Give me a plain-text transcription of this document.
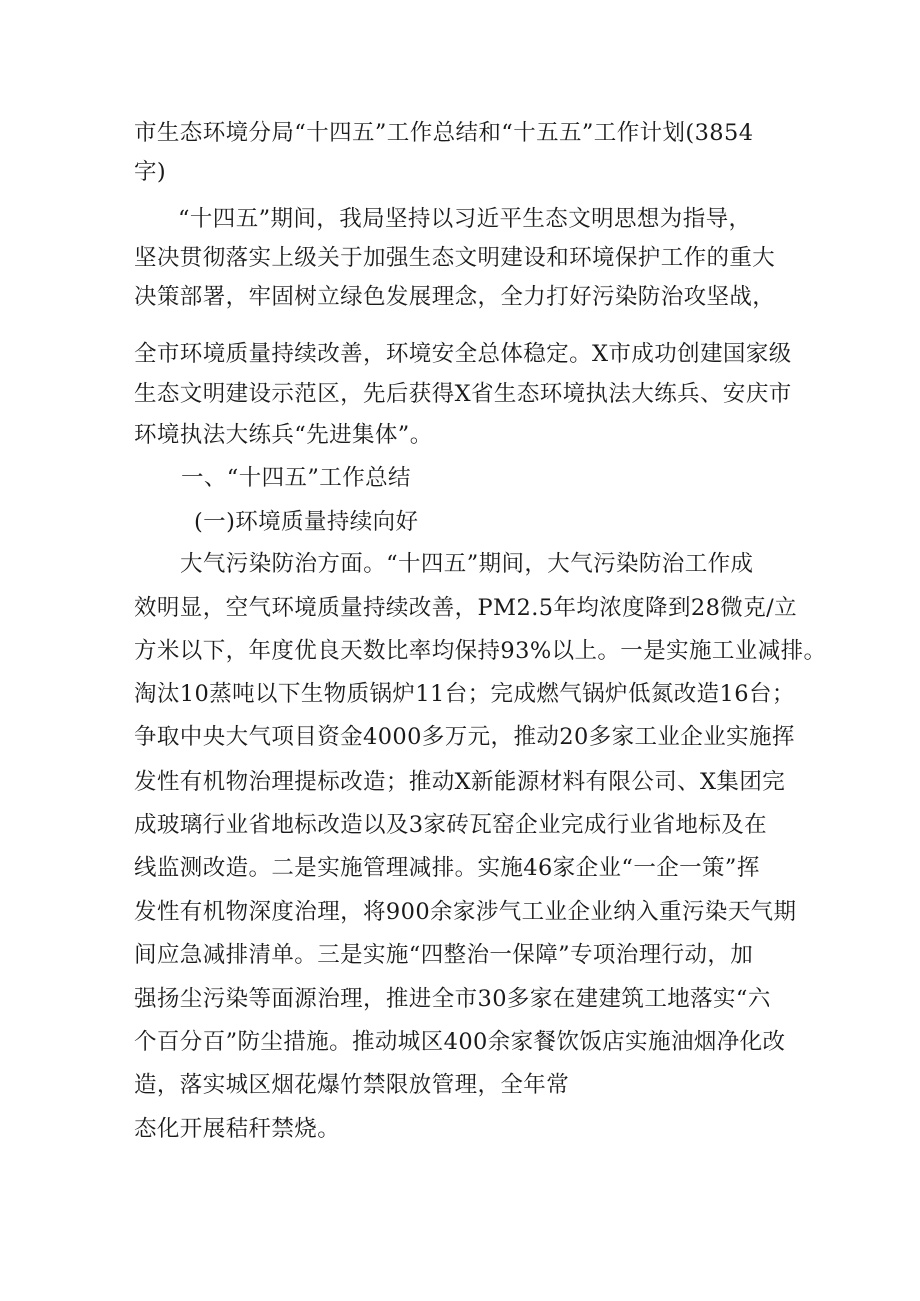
市生态环境分局“十四五”工作总结和“十五五”工作计划(3854
字)
“十四五”期间，我局坚持以习近平生态文明思想为指导，
坚决贯彻落实上级关于加强生态文明建设和环境保护工作的重大
决策部署，牢固树立绿色发展理念，全力打好污染防治攻坚战，
全市环境质量持续改善，环境安全总体稳定。X市成功创建国家级
生态文明建设示范区，先后获得X省生态环境执法大练兵、安庆市
环境执法大练兵“先进集体”。
一、“十四五”工作总结
(一)环境质量持续向好
大气污染防治方面。“十四五”期间，大气污染防治工作成
效明显，空气环境质量持续改善，PM2.5年均浓度降到28微克/立
方米以下，年度优良天数比率均保持93%以上。一是实施工业减排。
淘汰10蒸吨以下生物质锅炉11台；完成燃气锅炉低氮改造16台；
争取中央大气项目资金4000多万元，推动20多家工业企业实施挥
发性有机物治理提标改造；推动X新能源材料有限公司、X集团完
成玻璃行业省地标改造以及3家砖瓦窑企业完成行业省地标及在
线监测改造。二是实施管理减排。实施46家企业“一企一策”挥
发性有机物深度治理，将900余家涉气工业企业纳入重污染天气期
间应急减排清单。三是实施“四整治一保障”专项治理行动，加
强扬尘污染等面源治理，推进全市30多家在建建筑工地落实“六
个百分百”防尘措施。推动城区400余家餐饮饭店实施油烟净化改
造，落实城区烟花爆竹禁限放管理，全年常
态化开展秸秆禁烧。
